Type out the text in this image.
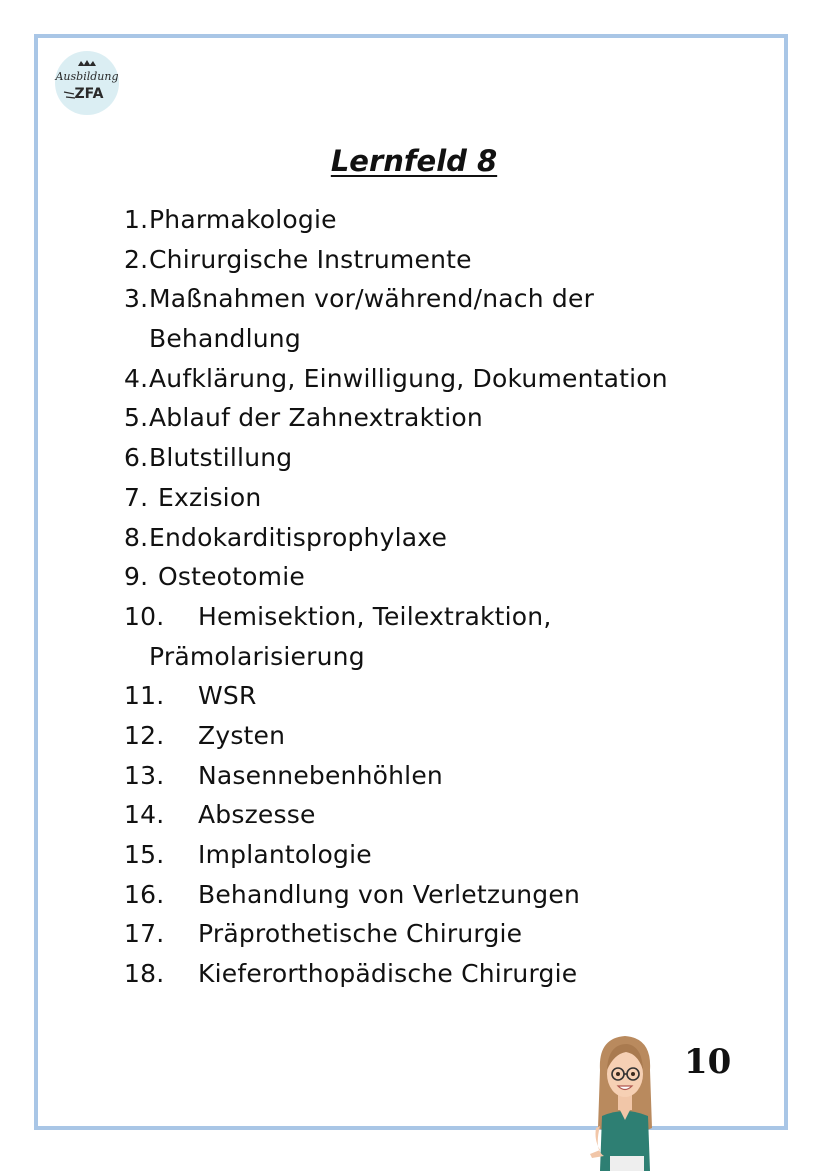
Ausbildung
ZFA
Lernfeld 8
1. Pharmakologie
2. Chirurgische Instrumente
3. Maßnahmen vor/während/nach der
Behandlung
4. Aufklärung, Einwilligung, Dokumentation
5. Ablauf der Zahnextraktion
6. Blutstillung
7. Exzision
8. Endokarditisprophylaxe
9. Osteotomie
10. Hemisektion, Teilextraktion,
Prämolarisierung
11. WSR
12. Zysten
13. Nasennebenhöhlen
14. Abszesse
15. Implantologie
16. Behandlung von Verletzungen
17. Präprothetische Chirurgie
18. Kieferorthopädische Chirurgie
10
